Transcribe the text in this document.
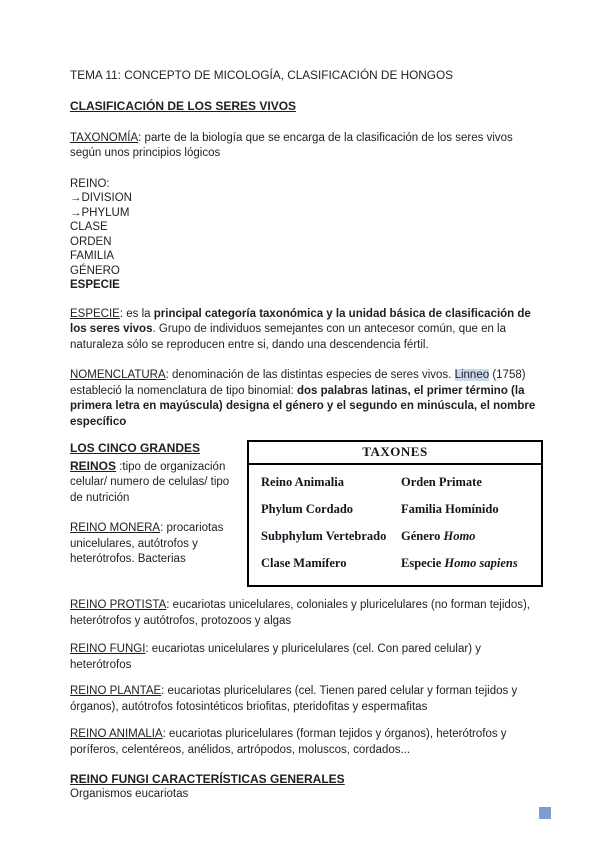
TEMA 11: CONCEPTO DE MICOLOGÍA, CLASIFICACIÓN DE HONGOS
CLASIFICACIÓN DE LOS SERES VIVOS
TAXONOMÍA: parte de la biología que se encarga de la clasificación de los seres vivos según unos principios lógicos
REINO:
→DIVISION
→PHYLUM
CLASE
ORDEN
FAMILIA
GÉNERO
ESPECIE
ESPECIE: es la principal categoría taxonómica y la unidad básica de clasificación de los seres vivos. Grupo de individuos semejantes con un antecesor común, que en la naturaleza sólo se reproducen entre si, dando una descendencia fértil.
NOMENCLATURA: denominación de las distintas especies de seres vivos. Linneo (1758) estableció la nomenclatura de tipo binomial: dos palabras latinas, el primer término (la primera letra en mayúscula) designa el género y el segundo en minúscula, el nombre específico
LOS CINCO GRANDES REINOS :tipo de organización celular/ numero de celulas/ tipo de nutrición
REINO MONERA: procariotas unicelulares, autótrofos y heterótrofos. Bacterias
TAXONES
Reino Animalia
Phylum Cordado
Subphylum Vertebrado
Clase Mamífero
Orden Primate
Familia Homínido
Género Homo
Especie Homo sapiens
REINO PROTISTA: eucariotas unicelulares, coloniales y pluricelulares (no forman tejidos), heterótrofos y autótrofos, protozoos y algas
REINO FUNGI: eucariotas unicelulares y pluricelulares (cel. Con pared celular) y heterótrofos
REINO PLANTAE: eucariotas pluricelulares (cel. Tienen pared celular y forman tejidos y órganos), autótrofos fotosintéticos briofitas, pteridofitas y espermafitas
REINO ANIMALIA: eucariotas pluricelulares (forman tejidos y órganos), heterótrofos y poríferos, celentéreos, anélidos, artrópodos, moluscos, cordados...
REINO FUNGI CARACTERÍSTICAS GENERALES
Organismos eucariotas
